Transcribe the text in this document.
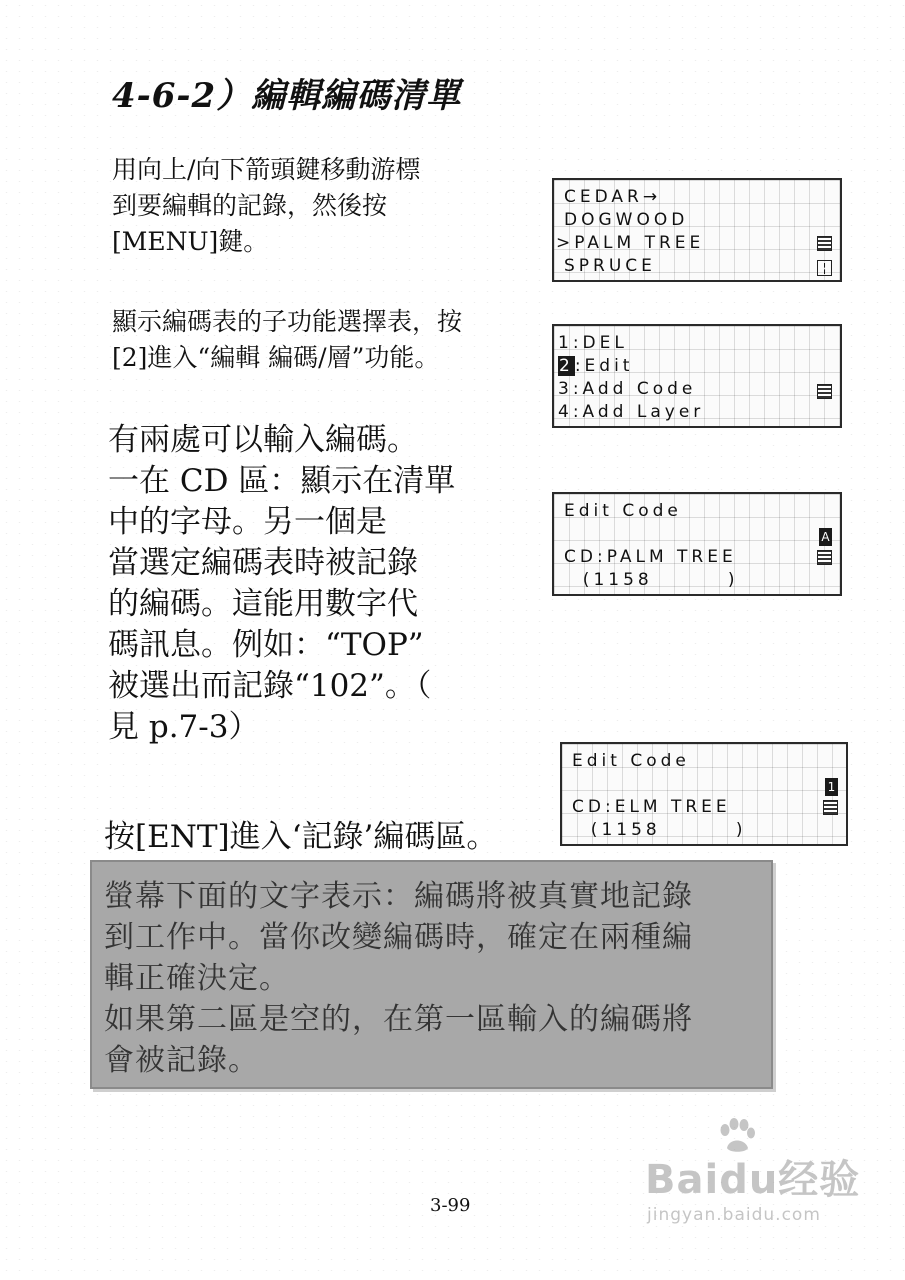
4-6-2）編輯編碼清單
用向上/向下箭頭鍵移動游標
到要編輯的記錄，然後按
[MENU]鍵。
CEDAR→
DOGWOOD
>PALM TREE
SPRUCE	¦
顯示編碼表的子功能選擇表，按
[2]進入“編輯 編碼/層”功能。	1:DEL
2:Edit
3:Add Code
4:Add Layer
有兩處可以輸入編碼。
一在 CD 區：顯示在清單
中的字母。另一個是
當選定編碼表時被記錄
的編碼。這能用數字代
碼訊息。例如：“TOP”
被選出而記錄“102”。（
見 p.7-3）
Edit Code
CD:PALM TREE
(1158        )
A
Edit Code
CD:ELM TREE
(1158        )
1
按[ENT]進入‘記錄’編碼區。
螢幕下面的文字表示：編碼將被真實地記錄
到工作中。當你改變編碼時，確定在兩種編
輯正確決定。
如果第二區是空的，在第一區輸入的編碼將
會被記錄。
3-99
Baidu经验
jingyan.baidu.com
